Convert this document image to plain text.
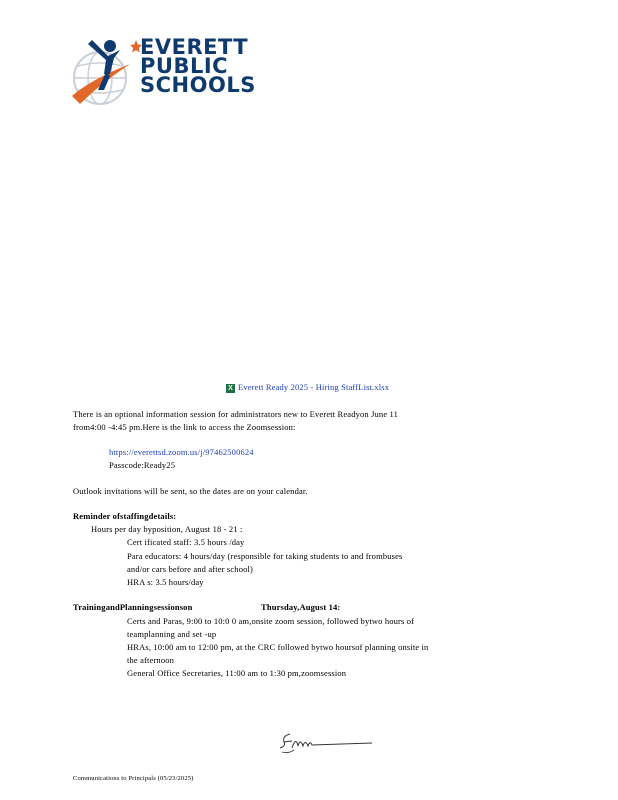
EVERETT
PUBLIC
SCHOOLS
X Everett Ready 2025 - Hiring StaffList.xlsx
There is an optional information session for administrators new to Everett Readyon June 11
from4:00 -4:45 pm.Here is the link to access the Zoomsession:
https://everettsd.zoom.us/j/97462500624
Passcode:Ready25
Outlook invitations will be sent, so the dates are on your calendar.
Reminder ofstaffingdetails:
Hours per day byposition, August 18 - 21 :
Cert ificated staff: 3.5 hours /day
Para educators: 4 hours/day (responsible for taking students to and frombuses
and/or cars before and after school)
HRA s: 3.5 hours/day
TrainingandPlanningsessionson	Thursday,August 14:
Certs and Paras, 9:00 to 10:0 0 am,onsite zoom session, followed bytwo hours of
teamplanning and set -up
HRAs, 10:00 am to 12:00 pm, at the CRC followed bytwo hoursof planning onsite in
the afternoon
General Office Secretaries, 11:00 am to 1:30 pm,zoomsession
Communications to Principals (05/23/2025)
